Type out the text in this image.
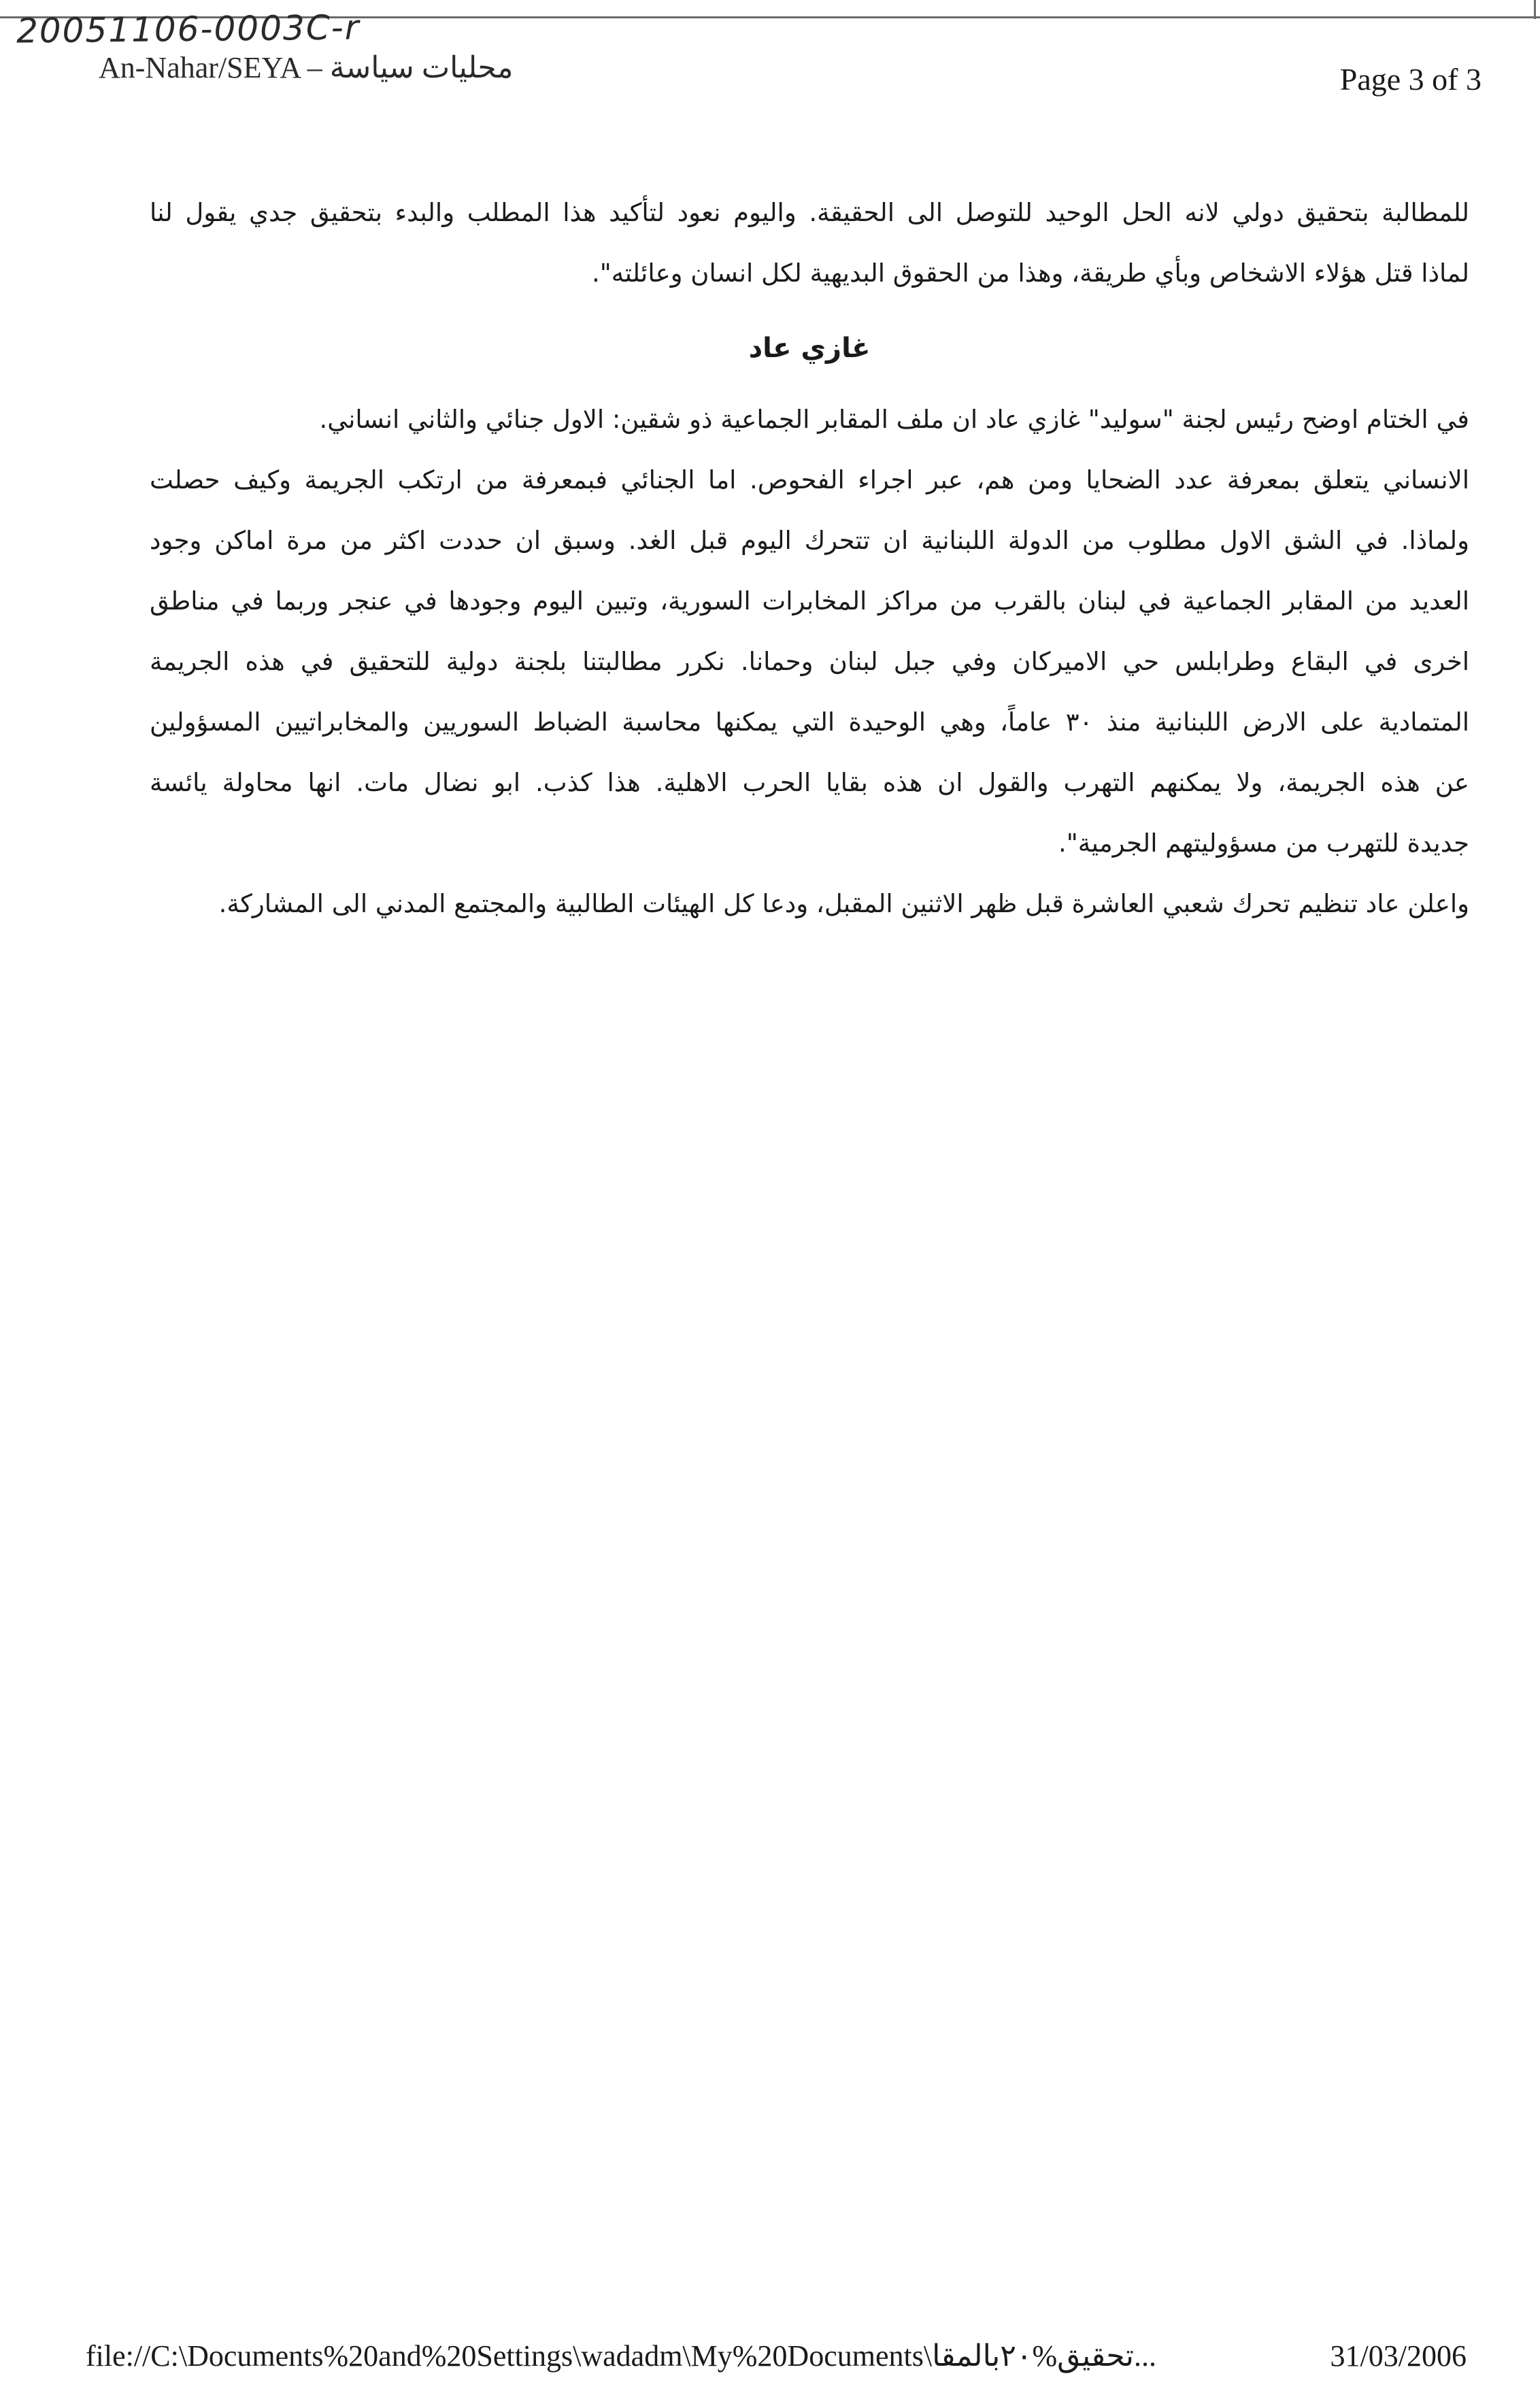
20051106-0003C-r
An-Nahar/SEYA – محليات سياسة	Page 3 of 3
للمطالبة بتحقيق دولي لانه الحل الوحيد للتوصل الى الحقيقة. واليوم نعود لتأكيد هذا المطلب والبدء بتحقيق جدي يقول لنا
لماذا قتل هؤلاء الاشخاص وبأي طريقة، وهذا من الحقوق البديهية لكل انسان وعائلته".
غازي عاد
في الختام اوضح رئيس لجنة "سوليد" غازي عاد ان ملف المقابر الجماعية ذو شقين: الاول جنائي والثاني انساني.
الانساني يتعلق بمعرفة عدد الضحايا ومن هم، عبر اجراء الفحوص. اما الجنائي فبمعرفة من ارتكب الجريمة وكيف حصلت
ولماذا. في الشق الاول مطلوب من الدولة اللبنانية ان تتحرك اليوم قبل الغد. وسبق ان حددت اكثر من مرة اماكن وجود
العديد من المقابر الجماعية في لبنان بالقرب من مراكز المخابرات السورية، وتبين اليوم وجودها في عنجر وربما في مناطق
اخرى في البقاع وطرابلس حي الاميركان وفي جبل لبنان وحمانا. نكرر مطالبتنا بلجنة دولية للتحقيق في هذه الجريمة
المتمادية على الارض اللبنانية منذ ٣٠ عاماً، وهي الوحيدة التي يمكنها محاسبة الضباط السوريين والمخابراتيين المسؤولين
عن هذه الجريمة، ولا يمكنهم التهرب والقول ان هذه بقايا الحرب الاهلية. هذا كذب. ابو نضال مات. انها محاولة يائسة
جديدة للتهرب من مسؤوليتهم الجرمية".
واعلن عاد تنظيم تحرك شعبي العاشرة قبل ظهر الاثنين المقبل، ودعا كل الهيئات الطالبية والمجتمع المدني الى المشاركة.
file://C:\Documents%20and%20Settings\wadadm\My%20Documents\تحقيق%٢٠بالمقا...	31/03/2006
